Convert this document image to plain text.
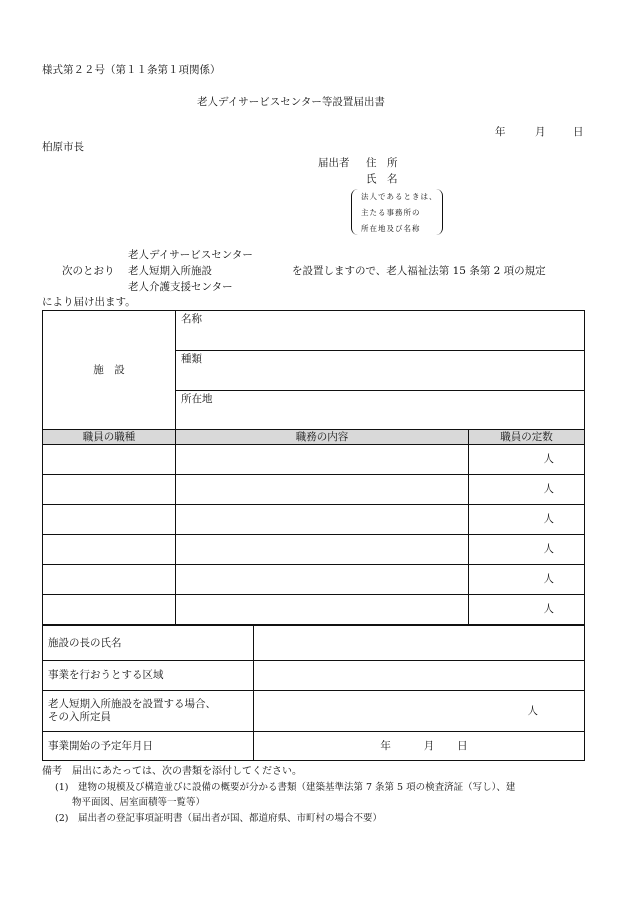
様式第２２号（第１１条第１項関係）
老人デイサービスセンター等設置届出書
年	月	日
柏原市長
届出者 住　所
氏　名
法人であるときは、
主たる事務所の
所在地及び名称
老人デイサービスセンター
次のとおり 老人短期入所施設	を設置しますので、老人福祉法第 15 条第 2 項の規定
老人介護支援センター
により届け出ます。
施　設	名称	
	種類	
	所在地	
職員の職種	職務の内容	職員の定数
		人
		人
		人
		人
		人
		人
施設の長の氏名	
事業を行おうとする区域	

老人短期入所施設を設置する場合、
その入所定員	人
事業開始の予定年月日	年 月 日
備考　届出にあたっては、次の書類を添付してください。
(1)　建物の規模及び構造並びに設備の概要が分かる書類（建築基準法第 7 条第 5 項の検査済証（写し）、建
物平面図、居室面積等一覧等）
(2)　届出者の登記事項証明書（届出者が国、都道府県、市町村の場合不要）
